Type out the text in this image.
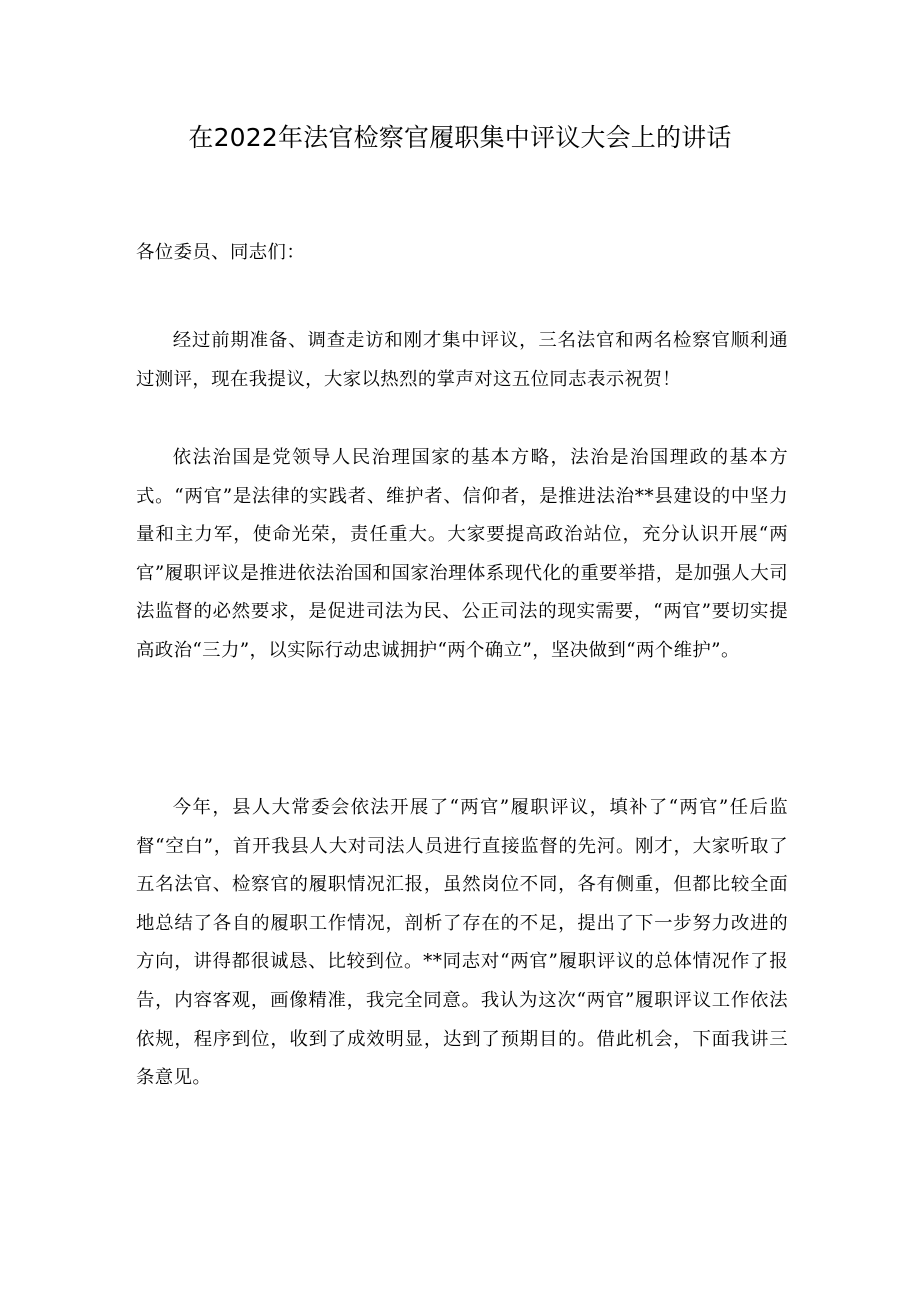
在2022年法官检察官履职集中评议大会上的讲话

各位委员、同志们：

经过前期准备、调查走访和刚才集中评议，三名法官和两名检察官顺利通过测评，现在我提议，大家以热烈的掌声对这五位同志表示祝贺！

依法治国是党领导人民治理国家的基本方略，法治是治国理政的基本方式。“两官”是法律的实践者、维护者、信仰者，是推进法治**县建设的中坚力量和主力军，使命光荣，责任重大。大家要提高政治站位，充分认识开展“两官”履职评议是推进依法治国和国家治理体系现代化的重要举措，是加强人大司法监督的必然要求，是促进司法为民、公正司法的现实需要，“两官”要切实提高政治“三力”，以实际行动忠诚拥护“两个确立”，坚决做到“两个维护”。

今年，县人大常委会依法开展了“两官”履职评议，填补了“两官”任后监督“空白”，首开我县人大对司法人员进行直接监督的先河。刚才，大家听取了五名法官、检察官的履职情况汇报，虽然岗位不同，各有侧重，但都比较全面地总结了各自的履职工作情况，剖析了存在的不足，提出了下一步努力改进的方向，讲得都很诚恳、比较到位。**同志对“两官”履职评议的总体情况作了报告，内容客观，画像精准，我完全同意。我认为这次“两官”履职评议工作依法依规，程序到位，收到了成效明显，达到了预期目的。借此机会，下面我讲三条意见。
